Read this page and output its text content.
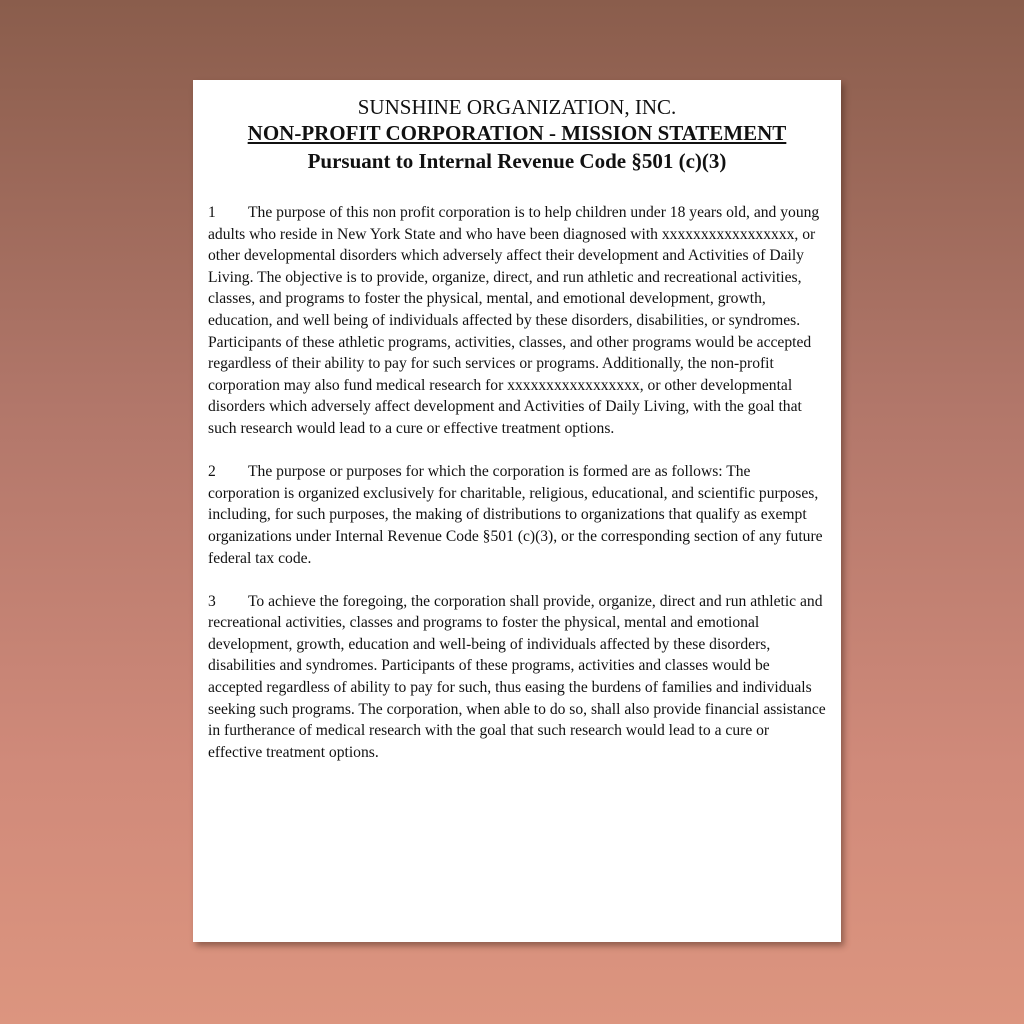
SUNSHINE ORGANIZATION, INC.
NON-PROFIT CORPORATION - MISSION STATEMENT
Pursuant to Internal Revenue Code §501 (c)(3)

1 The purpose of this non profit corporation is to help children under 18 years old, and young adults who reside in New York State and who have been diagnosed with xxxxxxxxxxxxxxxxx, or other developmental disorders which adversely affect their development and Activities of Daily Living. The objective is to provide, organize, direct, and run athletic and recreational activities, classes, and programs to foster the physical, mental, and emotional development, growth, education, and well being of individuals affected by these disorders, disabilities, or syndromes. Participants of these athletic programs, activities, classes, and other programs would be accepted regardless of their ability to pay for such services or programs. Additionally, the non-profit corporation may also fund medical research for xxxxxxxxxxxxxxxxx, or other developmental disorders which adversely affect development and Activities of Daily Living, with the goal that such research would lead to a cure or effective treatment options.

2 The purpose or purposes for which the corporation is formed are as follows: The corporation is organized exclusively for charitable, religious, educational, and scientific purposes, including, for such purposes, the making of distributions to organizations that qualify as exempt organizations under Internal Revenue Code §501 (c)(3), or the corresponding section of any future federal tax code.

3 To achieve the foregoing, the corporation shall provide, organize, direct and run athletic and recreational activities, classes and programs to foster the physical, mental and emotional development, growth, education and well-being of individuals affected by these disorders, disabilities and syndromes. Participants of these programs, activities and classes would be accepted regardless of ability to pay for such, thus easing the burdens of families and individuals seeking such programs. The corporation, when able to do so, shall also provide financial assistance in furtherance of medical research with the goal that such research would lead to a cure or effective treatment options.
